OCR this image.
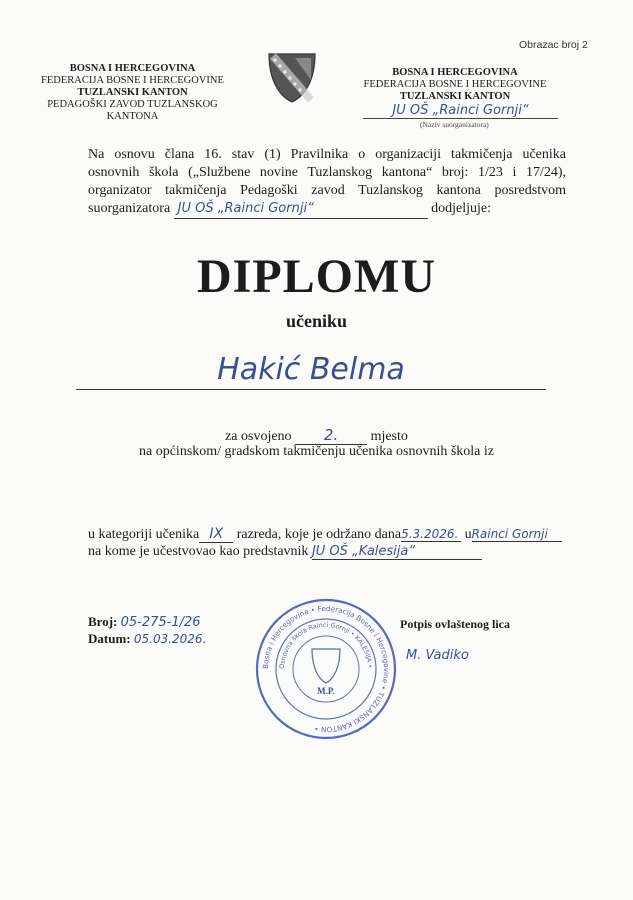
Obrazac broj 2
BOSNA I HERCEGOVINA
FEDERACIJA BOSNE I HERCEGOVINE
TUZLANSKI KANTON
PEDAGOŠKI ZAVOD TUZLANSKOG KANTONA
BOSNA I HERCEGOVINA
FEDERACIJA BOSNE I HERCEGOVINE
TUZLANSKI KANTON
JU OŠ „Rainci Gornji“
(Naziv suorganizatora)
Na osnovu člana 16. stav (1) Pravilnika o organizaciji takmičenja učenika
osnovnih škola („Službene novine Tuzlanskog kantona“ broj: 1/23 i 17/24),
organizator takmičenja Pedagoški zavod Tuzlanskog kantona posredstvom
suorganizatora JU OŠ „Rainci Gornji“	dodjeljuje:
DIPLOMU
učeniku
Hakić Belma
za osvojeno 2. mjesto
na općinskom/ gradskom takmičenju učenika osnovnih škola iz
u kategoriji učenika IX razreda, koje je održano dana5.3.2026. uRainci Gornji
na kome je učestvovao kao predstavnik JU OŠ „Kalesija“
Broj: 05-275-1/26
Datum: 05.03.2026.
Potpis ovlaštenog lica
M. Vadiko
Bosna i Hercegovina • Federacija Bosne i Hercegovine • TUZLANSKI KANTON •
Osnovna škola Rainci Gornji • KALESIJA •
M.P.
